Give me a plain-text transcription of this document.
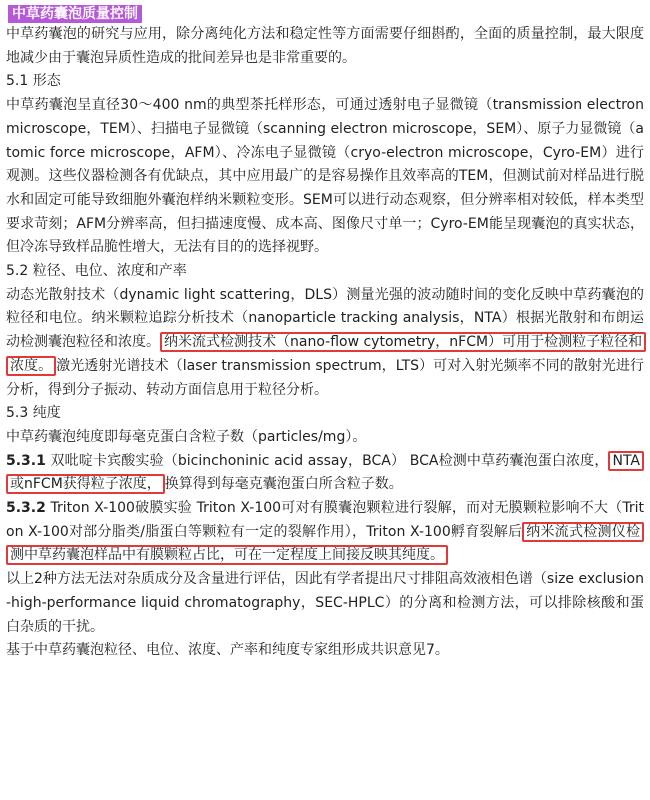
中草药囊泡质量控制

中草药囊泡的研究与应用，除分离纯化方法和稳定性等方面需要仔细斟酌，全面的质量控制，最大限度地减少由于囊泡异质性造成的批间差异也是非常重要的。

5.1 形态

中草药囊泡呈直径30～400 nm的典型茶托样形态，可通过透射电子显微镜（transmission electron microscope，TEM）、扫描电子显微镜（scanning electron microscope，SEM）、原子力显微镜（atomic force microscope，AFM）、冷冻电子显微镜（cryo-electron microscope，Cyro-EM）进行观测。这些仪器检测各有优缺点，其中应用最广的是容易操作且效率高的TEM，但测试前对样品进行脱水和固定可能导致细胞外囊泡样纳米颗粒变形。SEM可以进行动态观察，但分辨率相对较低，样本类型要求苛刻；AFM分辨率高，但扫描速度慢、成本高、图像尺寸单一；Cyro-EM能呈现囊泡的真实状态，但冷冻导致样品脆性增大，无法有目的的选择视野。

5.2 粒径、电位、浓度和产率

动态光散射技术（dynamic light scattering，DLS）测量光强的波动随时间的变化反映中草药囊泡的粒径和电位。纳米颗粒追踪分析技术（nanoparticle tracking analysis，NTA）根据光散射和布朗运动检测囊泡粒径和浓度。 纳米流式检测技术（nano-flow cytometry，nFCM）可用于检测粒子粒径和浓度。 激光透射光谱技术（laser transmission spectrum，LTS）可对入射光频率不同的散射光进行分析，得到分子振动、转动方面信息用于粒径分析。

5.3 纯度

中草药囊泡纯度即每毫克蛋白含粒子数（particles/mg）。

5.3.1 双吡啶卡宾酸实验（bicinchoninic acid assay，BCA） BCA检测中草药囊泡蛋白浓度， NTA或nFCM获得粒子浓度， 换算得到每毫克囊泡蛋白所含粒子数。

5.3.2 Triton X-100破膜实验 Triton X-100可对有膜囊泡颗粒进行裂解，而对无膜颗粒影响不大（Triton X-100对部分脂类/脂蛋白等颗粒有一定的裂解作用），Triton X-100孵育裂解后 纳米流式检测仪检测中草药囊泡样品中有膜颗粒占比，可在一定程度上间接反映其纯度。

以上2种方法无法对杂质成分及含量进行评估，因此有学者提出尺寸排阻高效液相色谱（size exclusion-high-performance liquid chromatography，SEC-HPLC）的分离和检测方法，可以排除核酸和蛋白杂质的干扰。

基于中草药囊泡粒径、电位、浓度、产率和纯度专家组形成共识意见7。
